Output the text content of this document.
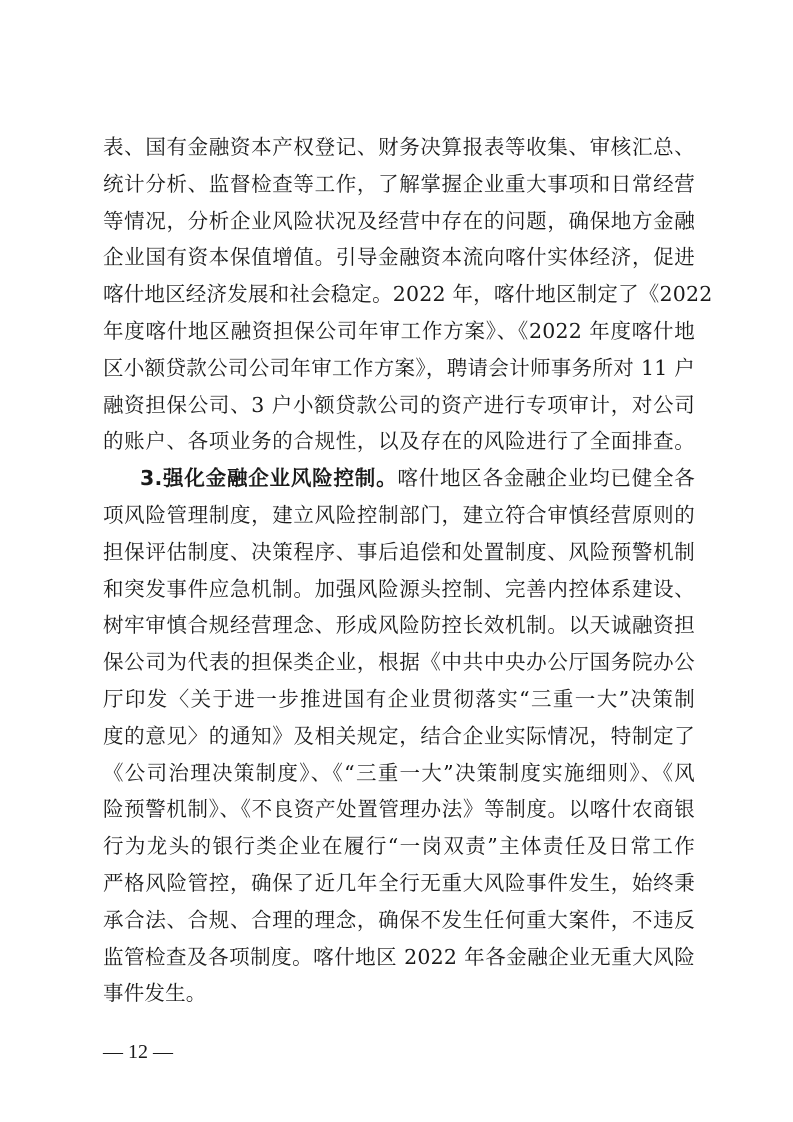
表、国有金融资本产权登记、财务决算报表等收集、审核汇总、
统计分析、监督检查等工作，了解掌握企业重大事项和日常经营
等情况，分析企业风险状况及经营中存在的问题，确保地方金融
企业国有资本保值增值。引导金融资本流向喀什实体经济，促进
喀什地区经济发展和社会稳定。2022 年，喀什地区制定了《2022
年度喀什地区融资担保公司年审工作方案》、《2022 年度喀什地
区小额贷款公司公司年审工作方案》，聘请会计师事务所对 11 户
融资担保公司、3 户小额贷款公司的资产进行专项审计，对公司
的账户、各项业务的合规性，以及存在的风险进行了全面排查。
3.强化金融企业风险控制。喀什地区各金融企业均已健全各
项风险管理制度，建立风险控制部门，建立符合审慎经营原则的
担保评估制度、决策程序、事后追偿和处置制度、风险预警机制
和突发事件应急机制。加强风险源头控制、完善内控体系建设、
树牢审慎合规经营理念、形成风险防控长效机制。以天诚融资担
保公司为代表的担保类企业，根据《中共中央办公厅国务院办公
厅印发〈关于进一步推进国有企业贯彻落实“三重一大”决策制
度的意见〉的通知》及相关规定，结合企业实际情况，特制定了
《公司治理决策制度》、《“三重一大”决策制度实施细则》、《风
险预警机制》、《不良资产处置管理办法》等制度。以喀什农商银
行为龙头的银行类企业在履行“一岗双责”主体责任及日常工作
严格风险管控，确保了近几年全行无重大风险事件发生，始终秉
承合法、合规、合理的理念，确保不发生任何重大案件，不违反
监管检查及各项制度。喀什地区 2022 年各金融企业无重大风险
事件发生。
— 12 —
